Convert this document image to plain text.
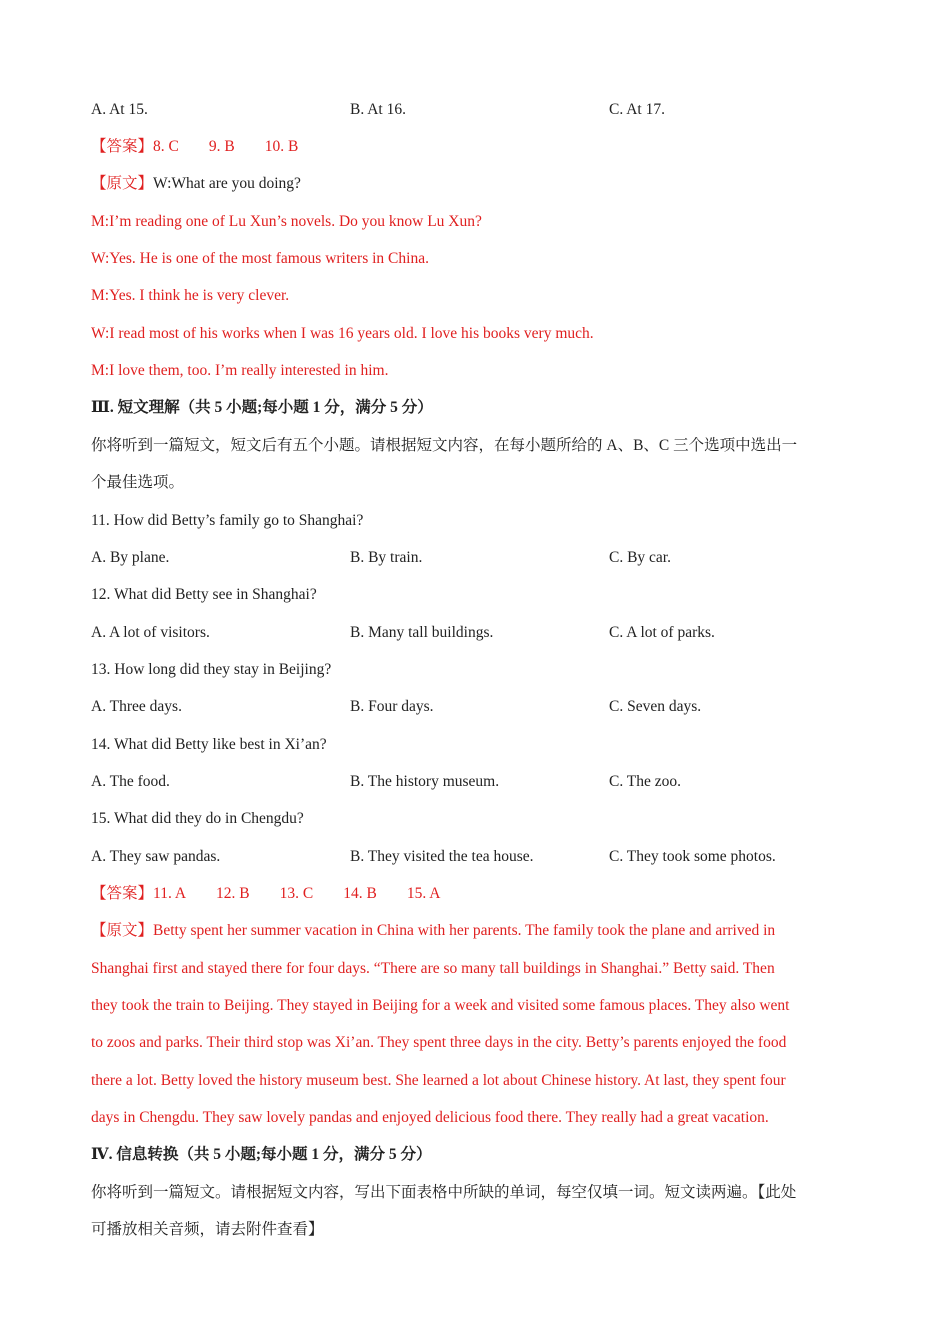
A. At 15.	B. At 16.	C. At 17.
【答案】8. C 9. B 10. B
【原文】W:What are you doing?
M:I’m reading one of Lu Xun’s novels. Do you know Lu Xun?
W:Yes. He is one of the most famous writers in China.
M:Yes. I think he is very clever.
W:I read most of his works when I was 16 years old. I love his books very much.
M:I love them, too. I’m really interested in him.
Ⅲ. 短文理解（共 5 小题;每小题 1 分，满分 5 分）
你将听到一篇短文，短文后有五个小题。请根据短文内容，在每小题所给的 A、B、C 三个选项中选出一
个最佳选项。
11. How did Betty’s family go to Shanghai?
A. By plane.	B. By train.	C. By car.
12. What did Betty see in Shanghai?
A. A lot of visitors.	B. Many tall buildings.	C. A lot of parks.
13. How long did they stay in Beijing?
A. Three days.	B. Four days.	C. Seven days.
14. What did Betty like best in Xi’an?
A. The food.	B. The history museum.	C. The zoo.
15. What did they do in Chengdu?
A. They saw pandas.	B. They visited the tea house.	C. They took some photos.
【答案】11. A 12. B 13. C 14. B 15. A
【原文】Betty spent her summer vacation in China with her parents. The family took the plane and arrived in
Shanghai first and stayed there for four days. “There are so many tall buildings in Shanghai.” Betty said. Then
they took the train to Beijing. They stayed in Beijing for a week and visited some famous places. They also went
to zoos and parks. Their third stop was Xi’an. They spent three days in the city. Betty’s parents enjoyed the food
there a lot. Betty loved the history museum best. She learned a lot about Chinese history. At last, they spent four
days in Chengdu. They saw lovely pandas and enjoyed delicious food there. They really had a great vacation.
Ⅳ. 信息转换（共 5 小题;每小题 1 分，满分 5 分）
你将听到一篇短文。请根据短文内容，写出下面表格中所缺的单词，每空仅填一词。短文读两遍。【此处
可播放相关音频，请去附件查看】
